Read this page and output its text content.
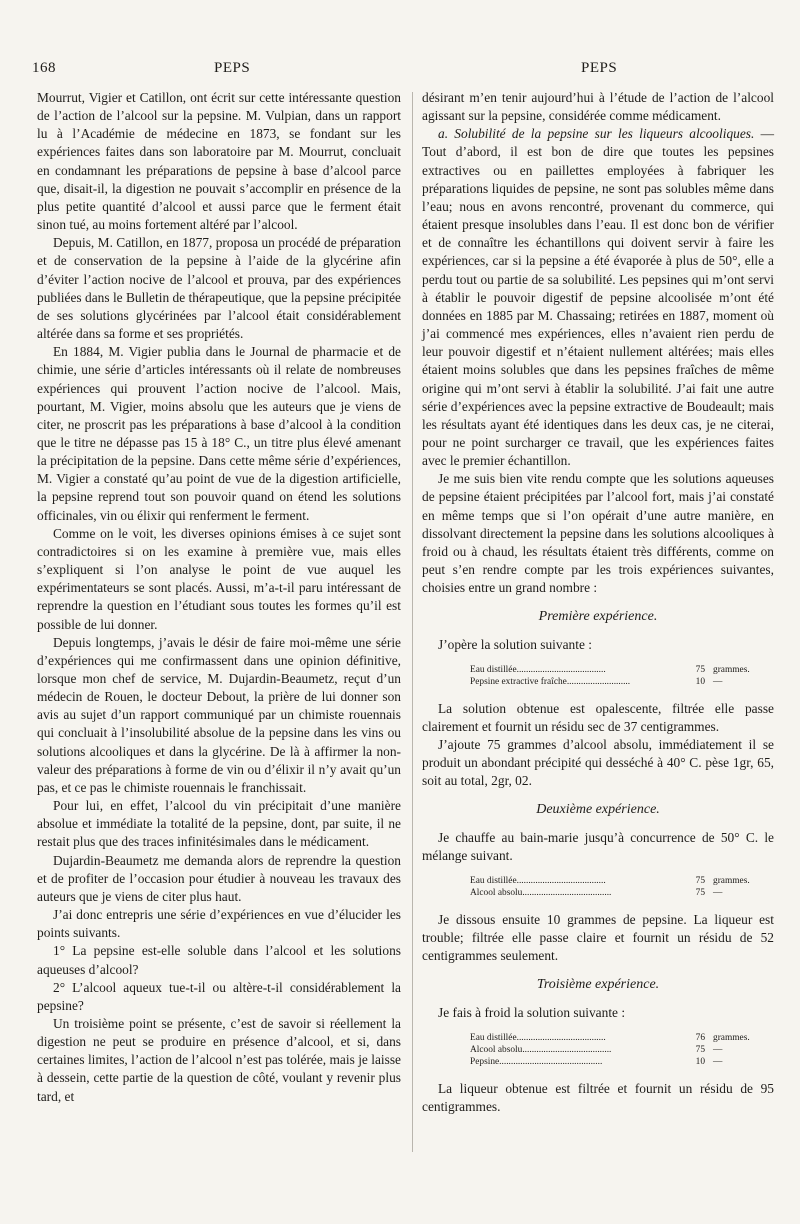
168	PEPS	PEPS

Mourrut, Vigier et Catillon, ont écrit sur cette intéressante question de l’action de l’alcool sur la pepsine. M. Vulpian, dans un rapport lu à l’Académie de médecine en 1873, se fondant sur les expériences faites dans son laboratoire par M. Mourrut, concluait en condamnant les préparations de pepsine à base d’alcool parce que, disait-il, la digestion ne pouvait s’accomplir en présence de la plus petite quantité d’alcool et aussi parce que le ferment était sinon tué, au moins fortement altéré par l’alcool.

Depuis, M. Catillon, en 1877, proposa un procédé de préparation et de conservation de la pepsine à l’aide de la glycérine afin d’éviter l’action nocive de l’alcool et prouva, par des expériences publiées dans le Bulletin de thérapeutique, que la pepsine précipitée de ses solutions glycérinées par l’alcool était considérablement altérée dans sa forme et ses propriétés.

En 1884, M. Vigier publia dans le Journal de pharmacie et de chimie, une série d’articles intéressants où il relate de nombreuses expériences qui prouvent l’action nocive de l’alcool. Mais, pourtant, M. Vigier, moins absolu que les auteurs que je viens de citer, ne proscrit pas les préparations à base d’alcool à la condition que le titre ne dépasse pas 15 à 18° C., un titre plus élevé amenant la précipitation de la pepsine. Dans cette même série d’expériences, M. Vigier a constaté qu’au point de vue de la digestion artificielle, la pepsine reprend tout son pouvoir quand on étend les solutions officinales, vin ou élixir qui renferment le ferment.

Comme on le voit, les diverses opinions émises à ce sujet sont contradictoires si on les examine à première vue, mais elles s’expliquent si l’on analyse le point de vue auquel les expérimentateurs se sont placés. Aussi, m’a-t-il paru intéressant de reprendre la question en l’étudiant sous toutes les formes qu’il est possible de lui donner.

Depuis longtemps, j’avais le désir de faire moi-même une série d’expériences qui me confirmassent dans une opinion définitive, lorsque mon chef de service, M. Dujardin-Beaumetz, reçut d’un médecin de Rouen, le docteur Debout, la prière de lui donner son avis au sujet d’un rapport communiqué par un chimiste rouennais qui concluait à l’insolubilité absolue de la pepsine dans les vins ou solutions alcooliques et dans la glycérine. De là à affirmer la non-valeur des préparations à forme de vin ou d’élixir il n’y avait qu’un pas, et ce pas le chimiste rouennais le franchissait.

Pour lui, en effet, l’alcool du vin précipitait d’une manière absolue et immédiate la totalité de la pepsine, dont, par suite, il ne restait plus que des traces infinitésimales dans le médicament.

Dujardin-Beaumetz me demanda alors de reprendre la question et de profiter de l’occasion pour étudier à nouveau les travaux des auteurs que je viens de citer plus haut.

J’ai donc entrepris une série d’expériences en vue d’élucider les points suivants.

1° La pepsine est-elle soluble dans l’alcool et les solutions aqueuses d’alcool?

2° L’alcool aqueux tue-t-il ou altère-t-il considérablement la pepsine?

Un troisième point se présente, c’est de savoir si réellement la digestion ne peut se produire en présence d’alcool, et si, dans certaines limites, l’action de l’alcool n’est pas tolérée, mais je laisse à dessein, cette partie de la question de côté, voulant y revenir plus tard, et

désirant m’en tenir aujourd’hui à l’étude de l’action de l’alcool agissant sur la pepsine, considérée comme médicament.

a. Solubilité de la pepsine sur les liqueurs alcooliques. — Tout d’abord, il est bon de dire que toutes les pepsines extractives ou en paillettes employées à fabriquer les préparations liquides de pepsine, ne sont pas solubles même dans l’eau; nous en avons rencontré, provenant du commerce, qui étaient presque insolubles dans l’eau. Il est donc bon de vérifier et de connaître les échantillons qui doivent servir à faire les expériences, car si la pepsine a été évaporée à plus de 50°, elle a perdu tout ou partie de sa solubilité. Les pepsines qui m’ont servi à établir le pouvoir digestif de pepsine alcoolisée m’ont été données en 1885 par M. Chassaing; retirées en 1887, moment où j’ai commencé mes expériences, elles n’avaient rien perdu de leur pouvoir digestif et n’étaient nullement altérées; mais elles étaient moins solubles que dans les pepsines fraîches de même origine qui m’ont servi à établir la solubilité. J’ai fait une autre série d’expériences avec la pepsine extractive de Boudeault; mais les résultats ayant été identiques dans les deux cas, je ne citerai, pour ne point surcharger ce travail, que les expériences faites avec le premier échantillon.

Je me suis bien vite rendu compte que les solutions aqueuses de pepsine étaient précipitées par l’alcool fort, mais j’ai constaté en même temps que si l’on opérait d’une autre manière, en dissolvant directement la pepsine dans les solutions alcooliques à froid ou à chaud, les résultats étaient très différents, comme on peut s’en rendre compte par les trois expériences suivantes, choisies entre un grand nombre :

Première expérience.

J’opère la solution suivante :

Eau distillée......................................	75	grammes.
Pepsine extractive fraîche...........................	10	—

La solution obtenue est opalescente, filtrée elle passe clairement et fournit un résidu sec de 37 centigrammes.

J’ajoute 75 grammes d’alcool absolu, immédiatement il se produit un abondant précipité qui desséché à 40° C. pèse 1gr, 65, soit au total, 2gr, 02.

Deuxième expérience.

Je chauffe au bain-marie jusqu’à concurrence de 50° C. le mélange suivant.

Eau distillée......................................	75	grammes.
Alcool absolu......................................	75	—

Je dissous ensuite 10 grammes de pepsine. La liqueur est trouble; filtrée elle passe claire et fournit un résidu de 52 centigrammes seulement.

Troisième expérience.

Je fais à froid la solution suivante :

Eau distillée......................................	76	grammes.
Alcool absolu......................................	75	—
Pepsine............................................	10	—

La liqueur obtenue est filtrée et fournit un résidu de 95 centigrammes.
